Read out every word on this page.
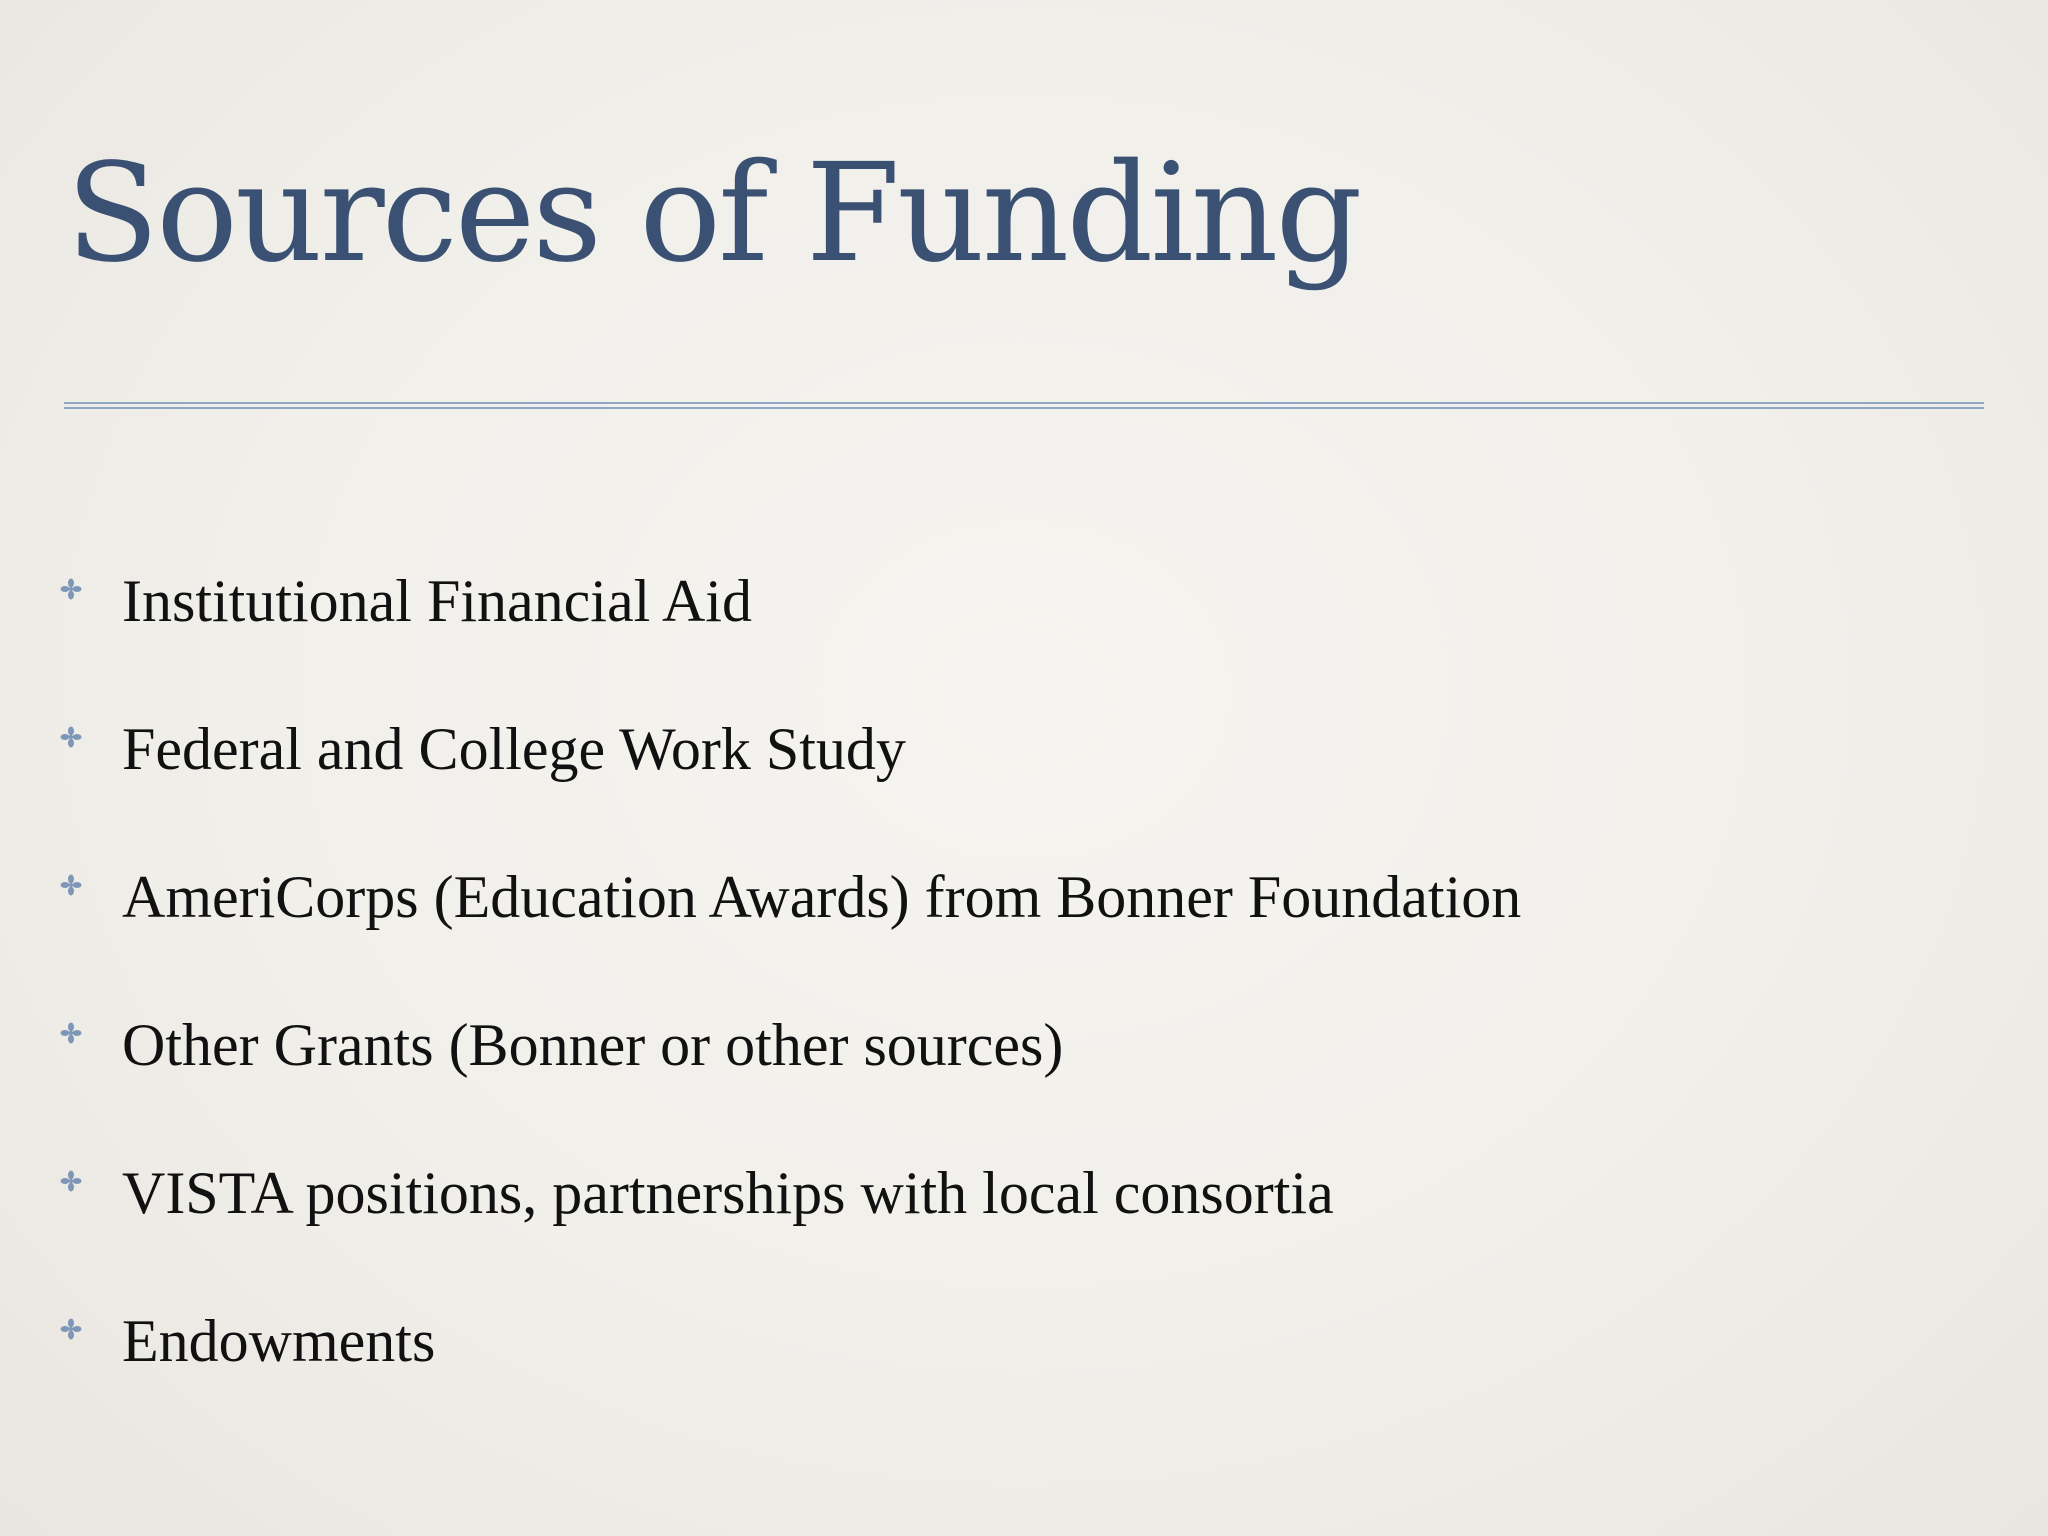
Sources of Funding
Institutional Financial Aid
Federal and College Work Study
AmeriCorps (Education Awards) from Bonner Foundation
Other Grants (Bonner or other sources)
VISTA positions, partnerships with local consortia
Endowments
